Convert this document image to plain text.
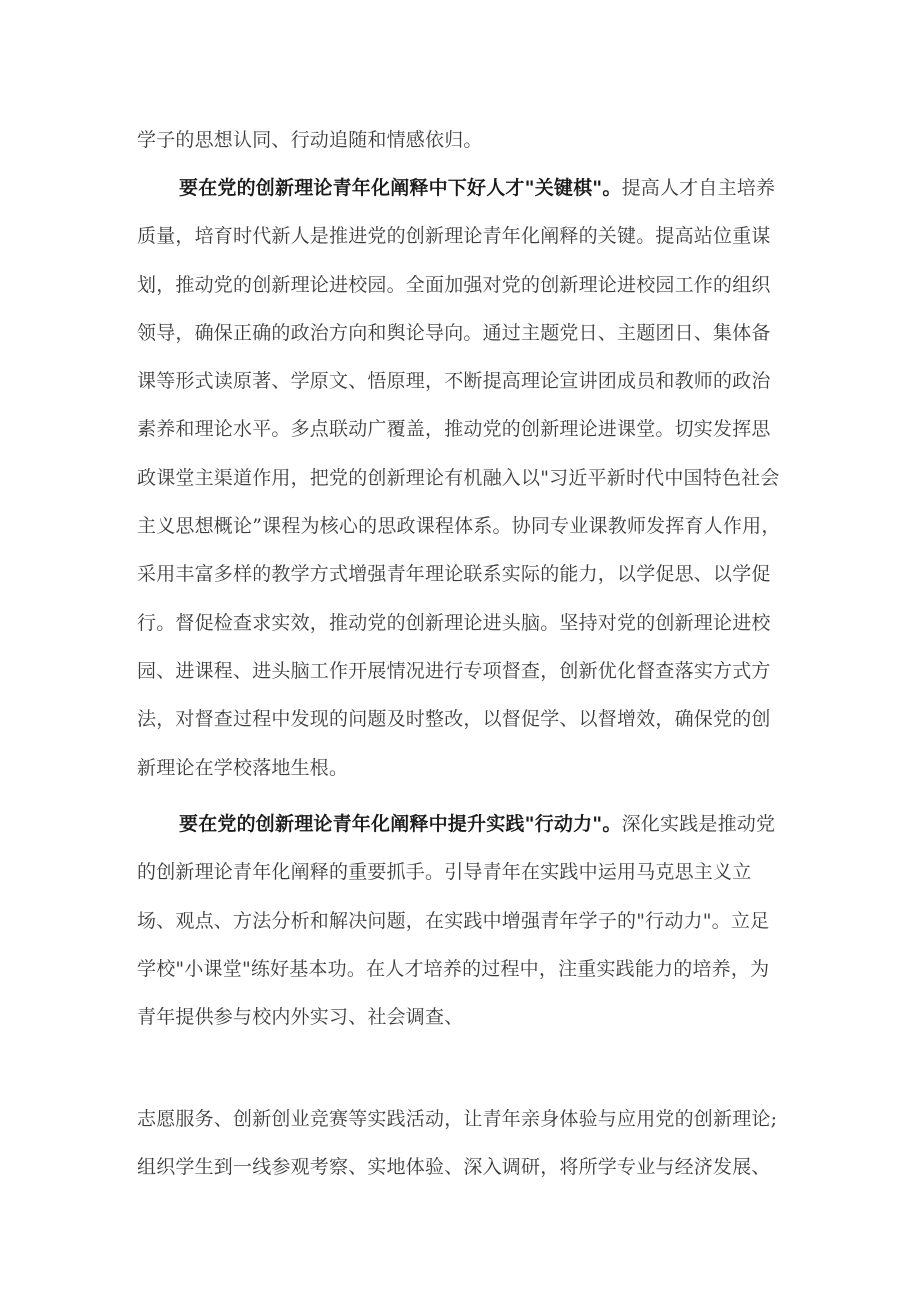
学子的思想认同、行动追随和情感依归。

要在党的创新理论青年化阐释中下好人才"关键棋"。提高人才自主培养质量，培育时代新人是推进党的创新理论青年化阐释的关键。提高站位重谋划，推动党的创新理论进校园。全面加强对党的创新理论进校园工作的组织领导，确保正确的政治方向和舆论导向。通过主题党日、主题团日、集体备课等形式读原著、学原文、悟原理，不断提高理论宣讲团成员和教师的政治素养和理论水平。多点联动广覆盖，推动党的创新理论进课堂。切实发挥思政课堂主渠道作用，把党的创新理论有机融入以"习近平新时代中国特色社会主义思想概论”课程为核心的思政课程体系。协同专业课教师发挥育人作用，采用丰富多样的教学方式增强青年理论联系实际的能力，以学促思、以学促行。督促检查求实效，推动党的创新理论进头脑。坚持对党的创新理论进校园、进课程、进头脑工作开展情况进行专项督查，创新优化督查落实方式方法，对督查过程中发现的问题及时整改，以督促学、以督增效，确保党的创新理论在学校落地生根。

要在党的创新理论青年化阐释中提升实践"行动力"。深化实践是推动党的创新理论青年化阐释的重要抓手。引导青年在实践中运用马克思主义立场、观点、方法分析和解决问题，在实践中增强青年学子的"行动力"。立足学校"小课堂"练好基本功。在人才培养的过程中，注重实践能力的培养，为青年提供参与校内外实习、社会调查、

志愿服务、创新创业竞赛等实践活动，让青年亲身体验与应用党的创新理论;组织学生到一线参观考察、实地体验、深入调研，将所学专业与经济发展、
